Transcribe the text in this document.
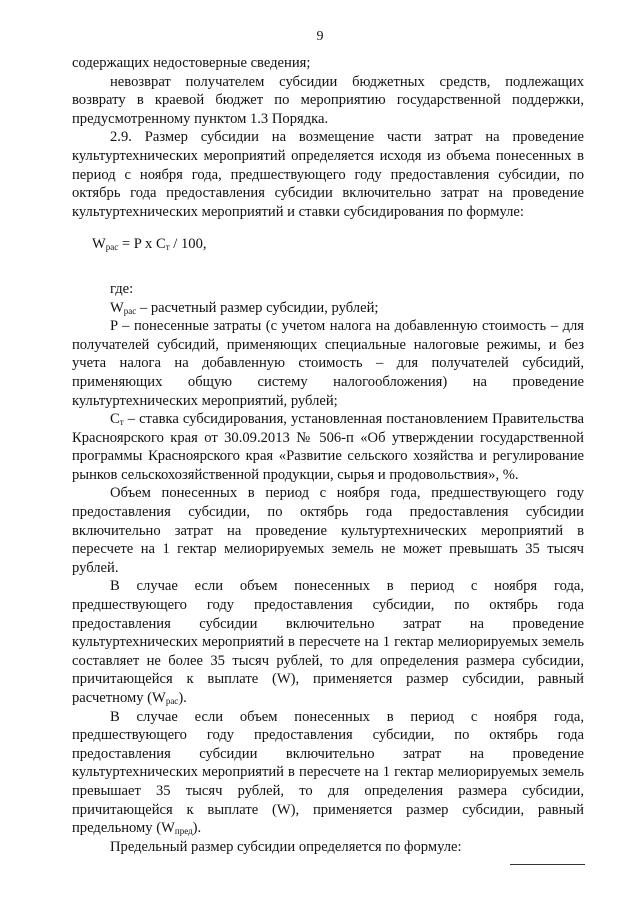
9

содержащих недостоверные сведения;

невозврат получателем субсидии бюджетных средств, подлежащих возврату в краевой бюджет по мероприятию государственной поддержки, предусмотренному пунктом 1.3 Порядка.

2.9. Размер субсидии на возмещение части затрат на проведение культуртехнических мероприятий определяется исходя из объема понесенных в период с ноября года, предшествующего году предоставления субсидии, по октябрь года предоставления субсидии включительно затрат на проведение культуртехнических мероприятий и ставки субсидирования по формуле:

$W_{рас} = P$ x $C_т / 100$,

где:

$W_{рас}$ – расчетный размер субсидии, рублей;

P – понесенные затраты (с учетом налога на добавленную стоимость – для получателей субсидий, применяющих специальные налоговые режимы, и без учета налога на добавленную стоимость – для получателей субсидий, применяющих общую систему налогообложения) на проведение культуртехнических мероприятий, рублей;

$C_т$ – ставка субсидирования, установленная постановлением Правительства Красноярского края от 30.09.2013 № 506-п «Об утверждении государственной программы Красноярского края «Развитие сельского хозяйства и регулирование рынков сельскохозяйственной продукции, сырья и продовольствия», %.

Объем понесенных в период с ноября года, предшествующего году предоставления субсидии, по октябрь года предоставления субсидии включительно затрат на проведение культуртехнических мероприятий в пересчете на 1 гектар мелиорируемых земель не может превышать 35 тысяч рублей.

В случае если объем понесенных в период с ноября года, предшествующего году предоставления субсидии, по октябрь года предоставления субсидии включительно затрат на проведение культуртехнических мероприятий в пересчете на 1 гектар мелиорируемых земель составляет не более 35 тысяч рублей, то для определения размера субсидии, причитающейся к выплате (W), применяется размер субсидии, равный расчетному $(W_{рас})$.

В случае если объем понесенных в период с ноября года, предшествующего году предоставления субсидии, по октябрь года предоставления субсидии включительно затрат на проведение культуртехнических мероприятий в пересчете на 1 гектар мелиорируемых земель превышает 35 тысяч рублей, то для определения размера субсидии, причитающейся к выплате (W), применяется размер субсидии, равный предельному $(W_{пред})$.

Предельный размер субсидии определяется по формуле:
